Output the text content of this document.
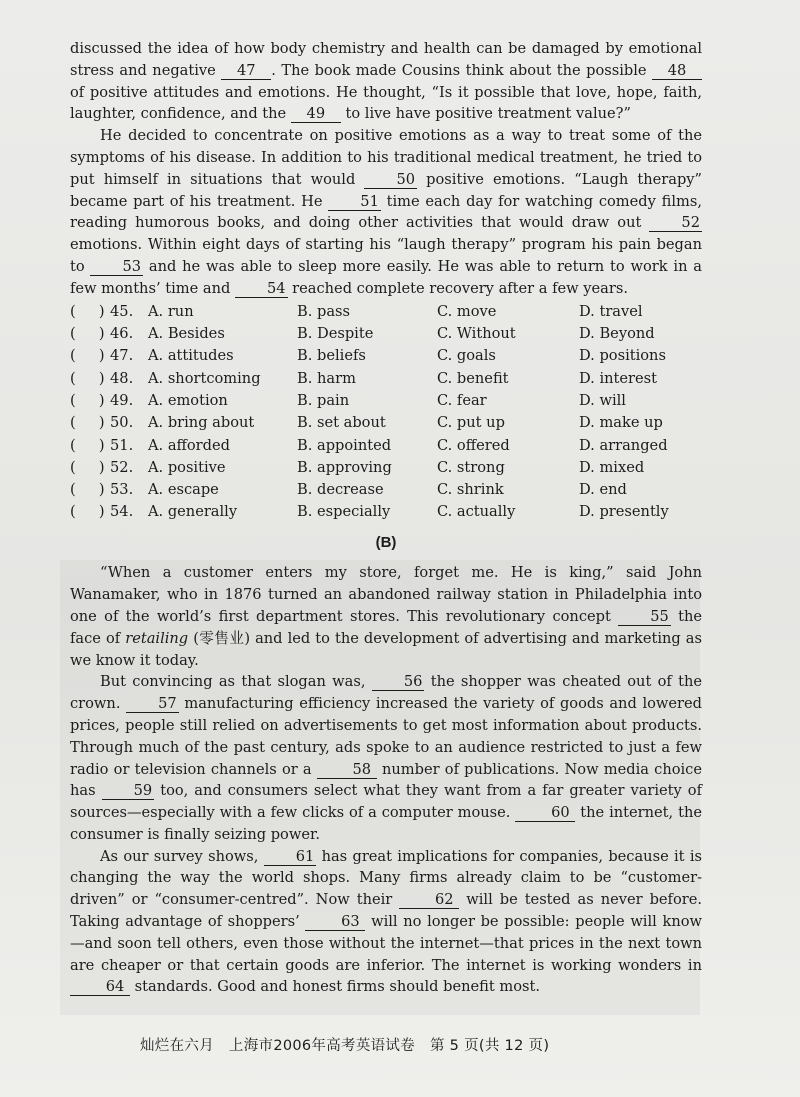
discussed the idea of how body chemistry and health can be damaged by emotional stress and negative 47 . The book made Cousins think about the possible 48 of positive attitudes and emotions. He thought, “Is it possible that love, hope, faith, laughter, confidence, and the 49 to live have positive treatment value?”

He decided to concentrate on positive emotions as a way to treat some of the symptoms of his disease. In addition to his traditional medical treatment, he tried to put himself in situations that would 50 positive emotions. “Laugh therapy” became part of his treatment. He 51 time each day for watching comedy films, reading humorous books, and doing other activities that would draw out 52 emotions. Within eight days of starting his “laugh therapy” program his pain began to 53 and he was able to sleep more easily. He was able to return to work in a few months’ time and 54 reached complete recovery after a few years.

(     ) 45.	A. run	B. pass	C. move	D. travel
(     ) 46.	A. Besides	B. Despite	C. Without	D. Beyond
(     ) 47.	A. attitudes	B. beliefs	C. goals	D. positions
(     ) 48.	A. shortcoming	B. harm	C. benefit	D. interest
(     ) 49.	A. emotion	B. pain	C. fear	D. will
(     ) 50.	A. bring about	B. set about	C. put up	D. make up
(     ) 51.	A. afforded	B. appointed	C. offered	D. arranged
(     ) 52.	A. positive	B. approving	C. strong	D. mixed
(     ) 53.	A. escape	B. decrease	C. shrink	D. end
(     ) 54.	A. generally	B. especially	C. actually	D. presently
(B)

“When a customer enters my store, forget me. He is king,” said John Wanamaker, who in 1876 turned an abandoned railway station in Philadelphia into one of the world’s first department stores. This revolutionary concept 55 the face of retailing (零售业) and led to the development of advertising and marketing as we know it today.

But convincing as that slogan was, 56 the shopper was cheated out of the crown. 57 manufacturing efficiency increased the variety of goods and lowered prices, people still relied on advertisements to get most information about products. Through much of the past century, ads spoke to an audience restricted to just a few radio or television channels or a 58 number of publications. Now media choice has 59 too, and consumers select what they want from a far greater variety of sources—especially with a few clicks of a computer mouse. 60 the internet, the consumer is finally seizing power.

As our survey shows, 61 has great implications for companies, because it is changing the way the world shops. Many firms already claim to be “customer-driven” or “consumer-centred”. Now their 62 will be tested as never before. Taking advantage of shoppers’ 63 will no longer be possible: people will know—and soon tell others, even those without the internet—that prices in the next town are cheaper or that certain goods are inferior. The internet is working wonders in 64 standards. Good and honest firms should benefit most.

灿烂在六月 上海市2006年高考英语试卷 第 5 页(共 12 页)
